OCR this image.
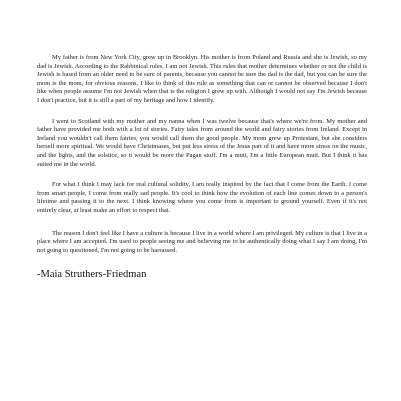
My father is from New York City, grew up in Brooklyn. His mother is from Poland and Russia and she is Jewish, so my dad is Jewish. According to the Rabbinical rules, I am not Jewish. This rules that mother determines whether or not the child is Jewish is based from an older need to be sure of parents, because you cannot be sure the dad is the dad, but you can be sure the mom is the mom, for obvious reasons. I like to think of this rule as something that can or cannot be observed because I don't like when people assume I'm not Jewish when that is the religion I grew up with. Although I would not say I'm Jewish because I don't practice, but it is still a part of my heritage and how I identify.

I went to Scotland with my mother and my nanna when I was twelve because that's where we're from. My mother and father have provided me both with a lot of stories. Fairy tales from around the world and fairy stories from Ireland. Except in Ireland you wouldn't call them fairies, you would call them the good people. My mom grew up Protestant, but she considers herself more spiritual. We would have Christmases, but put less stress of the Jesus part of it and have more stress on the music, and the lights, and the solstice, so it would be more the Pagan stuff. I'm a mutt, I'm a little European mutt. But I think it has suited me in the world.

For what I think I may lack for real cultural solidity, I am really inspired by the fact that I come from the Earth. I come from smart people, I come from really sad people. It's cool to think how the evolution of each line comes down to a person's lifetime and passing it to the next. I think knowing where you come from is important to ground yourself. Even if it's not entirely clear, at least make an effort to respect that.

The reason I don't feel like I have a culture is because I live in a world where I am privileged. My culture is that I live in a place where I am accepted. I'm used to people seeing me and believing me to be authentically doing what I say I am doing, I'm not going to questioned, I'm not going to be harrassed.

-Maia Struthers-Friedman
